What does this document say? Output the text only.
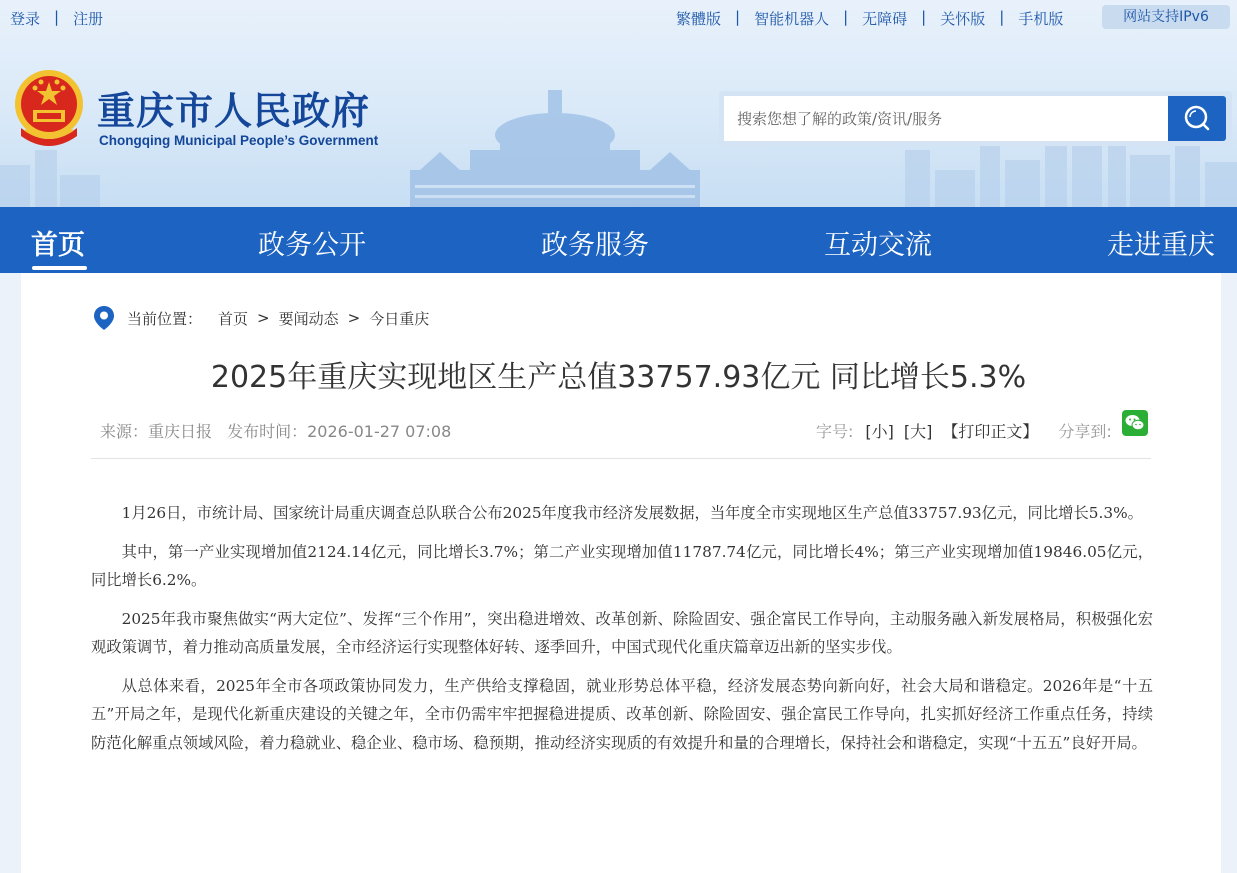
登录 | 注册	繁體版 | 智能机器人 | 无障碍 | 关怀版 | 手机版	网站支持IPv6
重庆市人民政府
Chongqing Municipal People’s Government
搜索您想了解的政策/资讯/服务
首页	政务公开	政务服务	互动交流	走进重庆
当前位置： 首页 > 要闻动态 > 今日重庆
2025年重庆实现地区生产总值33757.93亿元 同比增长5.3%
来源：重庆日报 发布时间：2026-01-27 07:08	字号: [小] [大] 【打印正文】 分享到:

1月26日，市统计局、国家统计局重庆调查总队联合公布2025年度我市经济发展数据，当年度全市实现地区生产总值33757.93亿元，同比增长5.3%。

其中，第一产业实现增加值2124.14亿元，同比增长3.7%；第二产业实现增加值11787.74亿元，同比增长4%；第三产业实现增加值19846.05亿元，同比增长6.2%。

2025年我市聚焦做实“两大定位”、发挥“三个作用”，突出稳进增效、改革创新、除险固安、强企富民工作导向，主动服务融入新发展格局，积极强化宏观政策调节，着力推动高质量发展，全市经济运行实现整体好转、逐季回升，中国式现代化重庆篇章迈出新的坚实步伐。

从总体来看，2025年全市各项政策协同发力，生产供给支撑稳固，就业形势总体平稳，经济发展态势向新向好，社会大局和谐稳定。2026年是“十五五”开局之年，是现代化新重庆建设的关键之年，全市仍需牢牢把握稳进提质、改革创新、除险固安、强企富民工作导向，扎实抓好经济工作重点任务，持续防范化解重点领域风险，着力稳就业、稳企业、稳市场、稳预期，推动经济实现质的有效提升和量的合理增长，保持社会和谐稳定，实现“十五五”良好开局。
